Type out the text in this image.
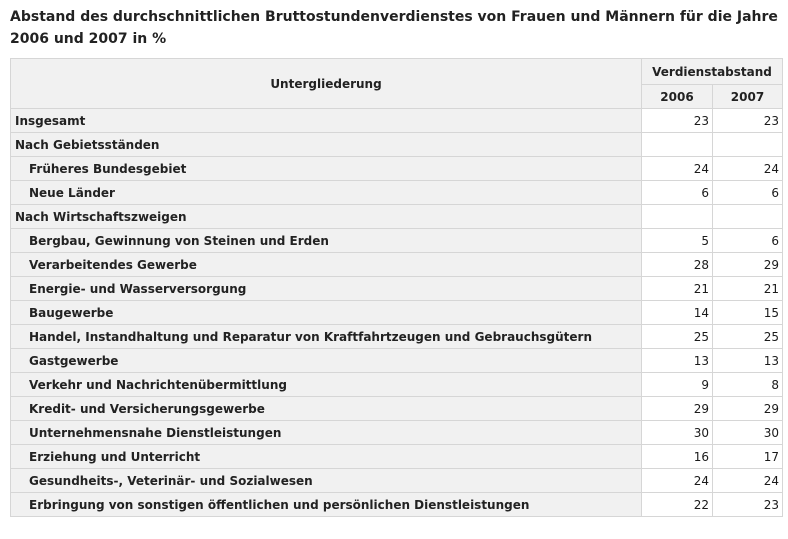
Abstand des durchschnittlichen Bruttostundenverdienstes von Frauen und Männern für die Jahre 2006 und 2007 in %
Untergliederung	Verdienstabstand	
	2006	2007
Insgesamt	23	23
Nach Gebietsständen		
Früheres Bundesgebiet	24	24
Neue Länder	6	6
Nach Wirtschaftszweigen		
Bergbau, Gewinnung von Steinen und Erden	5	6
Verarbeitendes Gewerbe	28	29
Energie- und Wasserversorgung	21	21
Baugewerbe	14	15
Handel, Instandhaltung und Reparatur von Kraftfahrtzeugen und Gebrauchsgütern	25	25
Gastgewerbe	13	13
Verkehr und Nachrichtenübermittlung	9	8
Kredit- und Versicherungsgewerbe	29	29
Unternehmensnahe Dienstleistungen	30	30
Erziehung und Unterricht	16	17
Gesundheits-, Veterinär- und Sozialwesen	24	24
Erbringung von sonstigen öffentlichen und persönlichen Dienstleistungen	22	23
